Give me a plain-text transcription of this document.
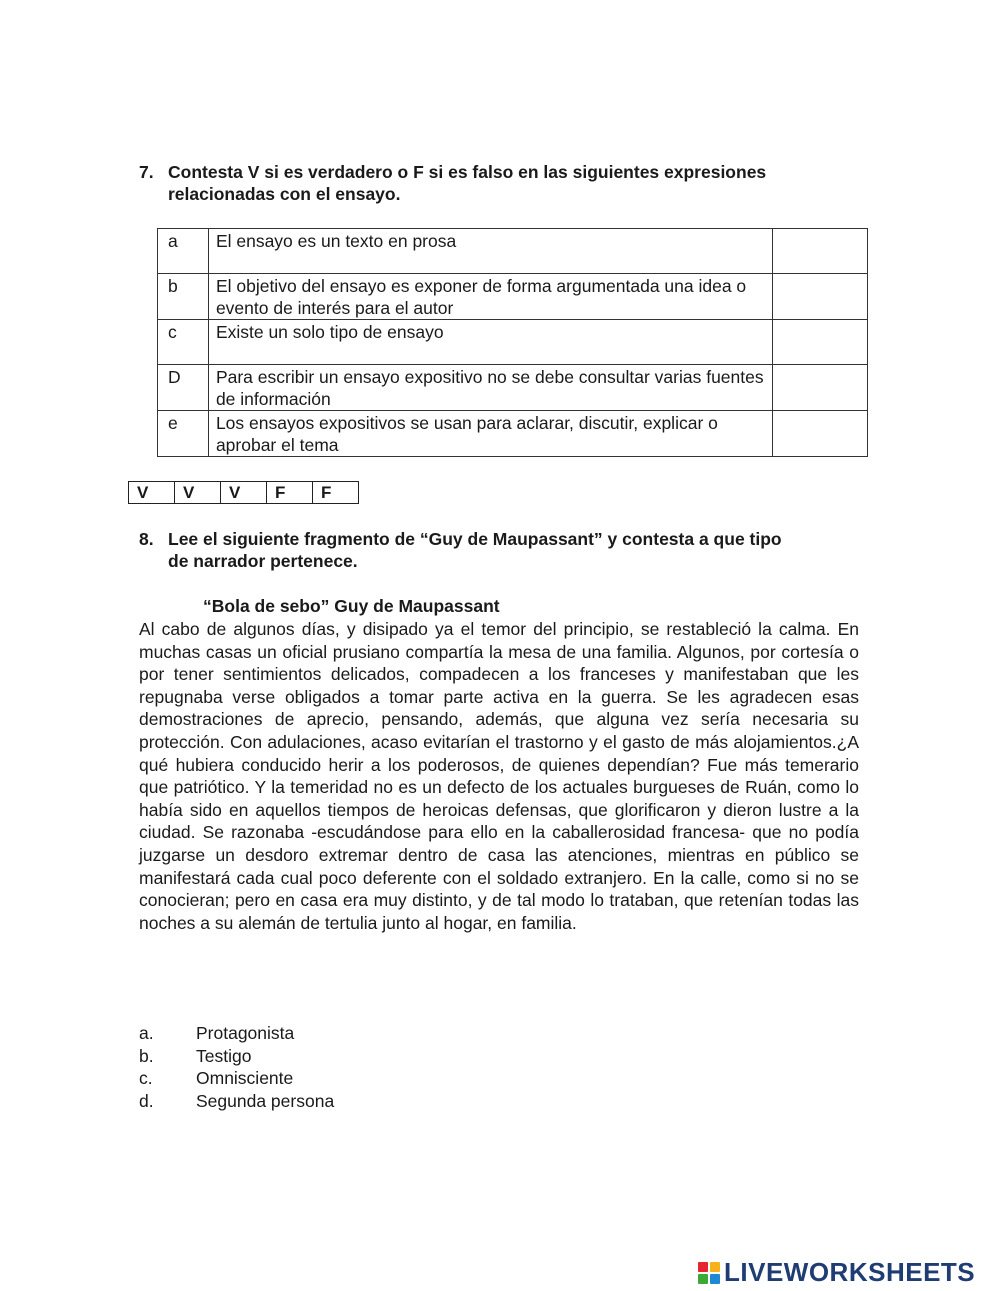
7. Contesta V si es verdadero o F si es falso en las siguientes expresiones
relacionadas con el ensayo.
a	El ensayo es un texto en prosa	
b	El objetivo del ensayo es exponer de forma argumentada una idea o evento de interés para el autor	
c	Existe un solo tipo de ensayo	
D	Para escribir un ensayo expositivo no se debe consultar varias fuentes de información	
e	Los ensayos expositivos se usan para aclarar, discutir, explicar o aprobar el tema	
V	V	V	F	F
8. Lee el siguiente fragmento de “Guy de Maupassant” y contesta a que tipo
de narrador pertenece.
“Bola de sebo” Guy de Maupassant

Al cabo de algunos días, y disipado ya el temor del principio, se restableció la calma. En muchas casas un oficial prusiano compartía la mesa de una familia. Algunos, por cortesía o por tener sentimientos delicados, compadecen a los franceses y manifestaban que les repugnaba verse obligados a tomar parte activa en la guerra. Se les agradecen esas demostraciones de aprecio, pensando, además, que alguna vez sería necesaria su protección. Con adulaciones, acaso evitarían el trastorno y el gasto de más alojamientos.¿A qué hubiera conducido herir a los poderosos, de quienes dependían? Fue más temerario que patriótico. Y la temeridad no es un defecto de los actuales burgueses de Ruán, como lo había sido en aquellos tiempos de heroicas defensas, que glorificaron y dieron lustre a la ciudad. Se razonaba -escudándose para ello en la caballerosidad francesa- que no podía juzgarse un desdoro extremar dentro de casa las atenciones, mientras en público se manifestará cada cual poco deferente con el soldado extranjero. En la calle, como si no se conocieran; pero en casa era muy distinto, y de tal modo lo trataban, que retenían todas las noches a su alemán de tertulia junto al hogar, en familia.

a.	Protagonista
b.	Testigo
c.	Omnisciente
d.	Segunda persona
LIVEWORKSHEETS
